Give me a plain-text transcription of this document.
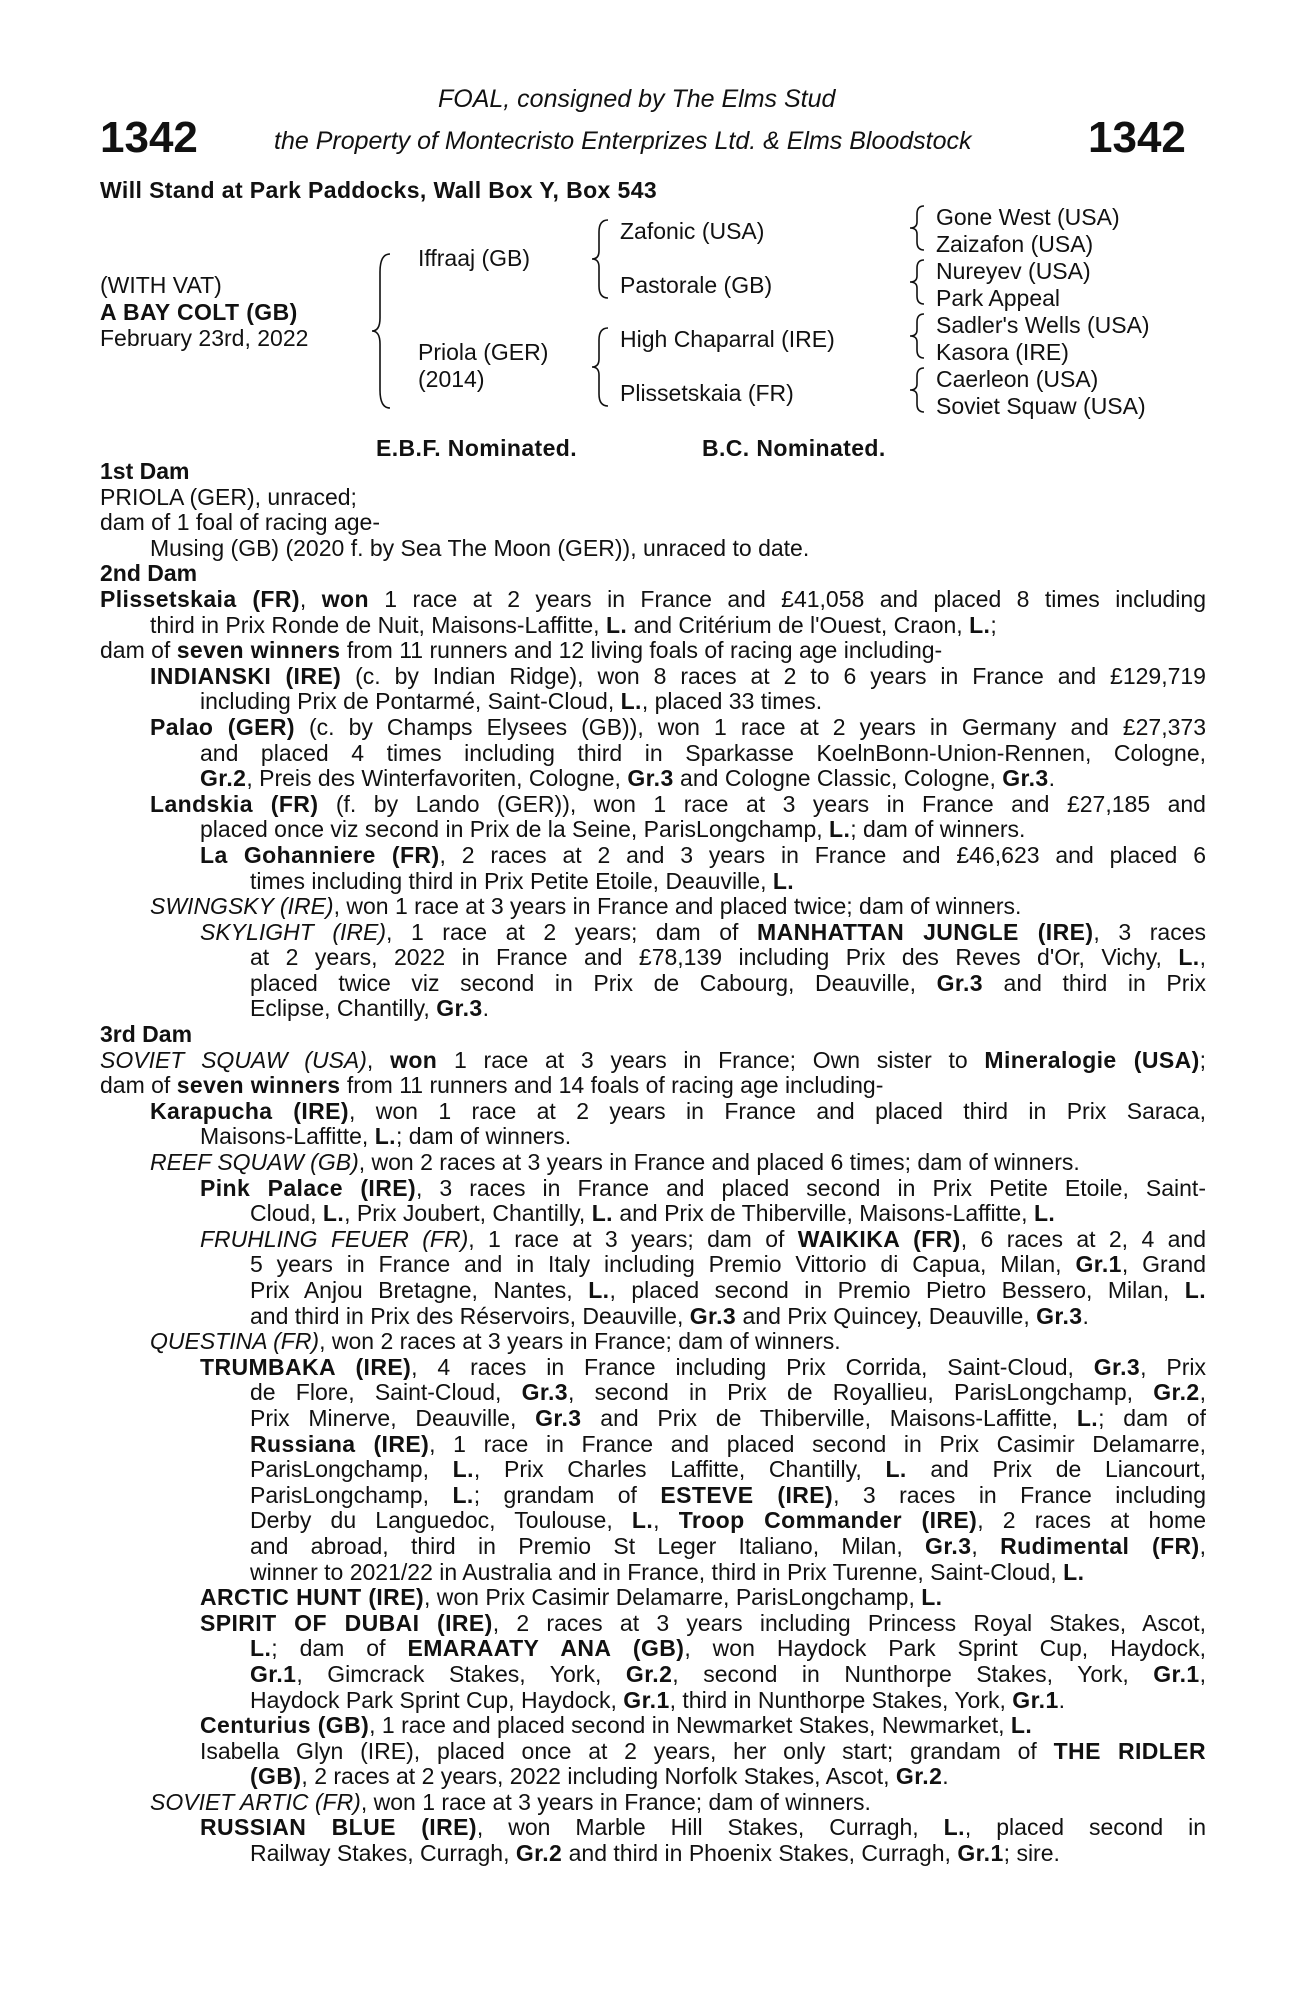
1342	1342
FOAL, consigned by The Elms Stud
the Property of Montecristo Enterprizes Ltd. & Elms Bloodstock
Will Stand at Park Paddocks, Wall Box Y, Box 543
(WITH VAT)
A BAY COLT (GB)
February 23rd, 2022
Iffraaj (GB)
Priola (GER)
(2014)
Zafonic (USA)
Pastorale (GB)
High Chaparral (IRE)
Plissetskaia (FR)
Gone West (USA)
Zaizafon (USA)
Nureyev (USA)
Park Appeal
Sadler's Wells (USA)
Kasora (IRE)
Caerleon (USA)
Soviet Squaw (USA)
E.B.F. Nominated.	B.C. Nominated.
1st Dam
PRIOLA (GER), unraced;
dam of 1 foal of racing age-
Musing (GB) (2020 f. by Sea The Moon (GER)), unraced to date.
2nd Dam
Plissetskaia (FR), won 1 race at 2 years in France and £41,058 and placed 8 times including
third in Prix Ronde de Nuit, Maisons-Laffitte, L. and Critérium de l'Ouest, Craon, L.;
dam of seven winners from 11 runners and 12 living foals of racing age including-
INDIANSKI (IRE) (c. by Indian Ridge), won 8 races at 2 to 6 years in France and £129,719
including Prix de Pontarmé, Saint-Cloud, L., placed 33 times.
Palao (GER) (c. by Champs Elysees (GB)), won 1 race at 2 years in Germany and £27,373
and placed 4 times including third in Sparkasse KoelnBonn-Union-Rennen, Cologne,
Gr.2, Preis des Winterfavoriten, Cologne, Gr.3 and Cologne Classic, Cologne, Gr.3.
Landskia (FR) (f. by Lando (GER)), won 1 race at 3 years in France and £27,185 and
placed once viz second in Prix de la Seine, ParisLongchamp, L.; dam of winners.
La Gohanniere (FR), 2 races at 2 and 3 years in France and £46,623 and placed 6
times including third in Prix Petite Etoile, Deauville, L.
SWINGSKY (IRE), won 1 race at 3 years in France and placed twice; dam of winners.
SKYLIGHT (IRE), 1 race at 2 years; dam of MANHATTAN JUNGLE (IRE), 3 races
at 2 years, 2022 in France and £78,139 including Prix des Reves d'Or, Vichy, L.,
placed twice viz second in Prix de Cabourg, Deauville, Gr.3 and third in Prix
Eclipse, Chantilly, Gr.3.
3rd Dam
SOVIET SQUAW (USA), won 1 race at 3 years in France; Own sister to Mineralogie (USA);
dam of seven winners from 11 runners and 14 foals of racing age including-
Karapucha (IRE), won 1 race at 2 years in France and placed third in Prix Saraca,
Maisons-Laffitte, L.; dam of winners.
REEF SQUAW (GB), won 2 races at 3 years in France and placed 6 times; dam of winners.
Pink Palace (IRE), 3 races in France and placed second in Prix Petite Etoile, Saint-
Cloud, L., Prix Joubert, Chantilly, L. and Prix de Thiberville, Maisons-Laffitte, L.
FRUHLING FEUER (FR), 1 race at 3 years; dam of WAIKIKA (FR), 6 races at 2, 4 and
5 years in France and in Italy including Premio Vittorio di Capua, Milan, Gr.1, Grand
Prix Anjou Bretagne, Nantes, L., placed second in Premio Pietro Bessero, Milan, L.
and third in Prix des Réservoirs, Deauville, Gr.3 and Prix Quincey, Deauville, Gr.3.
QUESTINA (FR), won 2 races at 3 years in France; dam of winners.
TRUMBAKA (IRE), 4 races in France including Prix Corrida, Saint-Cloud, Gr.3, Prix
de Flore, Saint-Cloud, Gr.3, second in Prix de Royallieu, ParisLongchamp, Gr.2,
Prix Minerve, Deauville, Gr.3 and Prix de Thiberville, Maisons-Laffitte, L.; dam of
Russiana (IRE), 1 race in France and placed second in Prix Casimir Delamarre,
ParisLongchamp, L., Prix Charles Laffitte, Chantilly, L. and Prix de Liancourt,
ParisLongchamp, L.; grandam of ESTEVE (IRE), 3 races in France including
Derby du Languedoc, Toulouse, L., Troop Commander (IRE), 2 races at home
and abroad, third in Premio St Leger Italiano, Milan, Gr.3, Rudimental (FR),
winner to 2021/22 in Australia and in France, third in Prix Turenne, Saint-Cloud, L.
ARCTIC HUNT (IRE), won Prix Casimir Delamarre, ParisLongchamp, L.
SPIRIT OF DUBAI (IRE), 2 races at 3 years including Princess Royal Stakes, Ascot,
L.; dam of EMARAATY ANA (GB), won Haydock Park Sprint Cup, Haydock,
Gr.1, Gimcrack Stakes, York, Gr.2, second in Nunthorpe Stakes, York, Gr.1,
Haydock Park Sprint Cup, Haydock, Gr.1, third in Nunthorpe Stakes, York, Gr.1.
Centurius (GB), 1 race and placed second in Newmarket Stakes, Newmarket, L.
Isabella Glyn (IRE), placed once at 2 years, her only start; grandam of THE RIDLER
(GB), 2 races at 2 years, 2022 including Norfolk Stakes, Ascot, Gr.2.
SOVIET ARTIC (FR), won 1 race at 3 years in France; dam of winners.
RUSSIAN BLUE (IRE), won Marble Hill Stakes, Curragh, L., placed second in
Railway Stakes, Curragh, Gr.2 and third in Phoenix Stakes, Curragh, Gr.1; sire.
